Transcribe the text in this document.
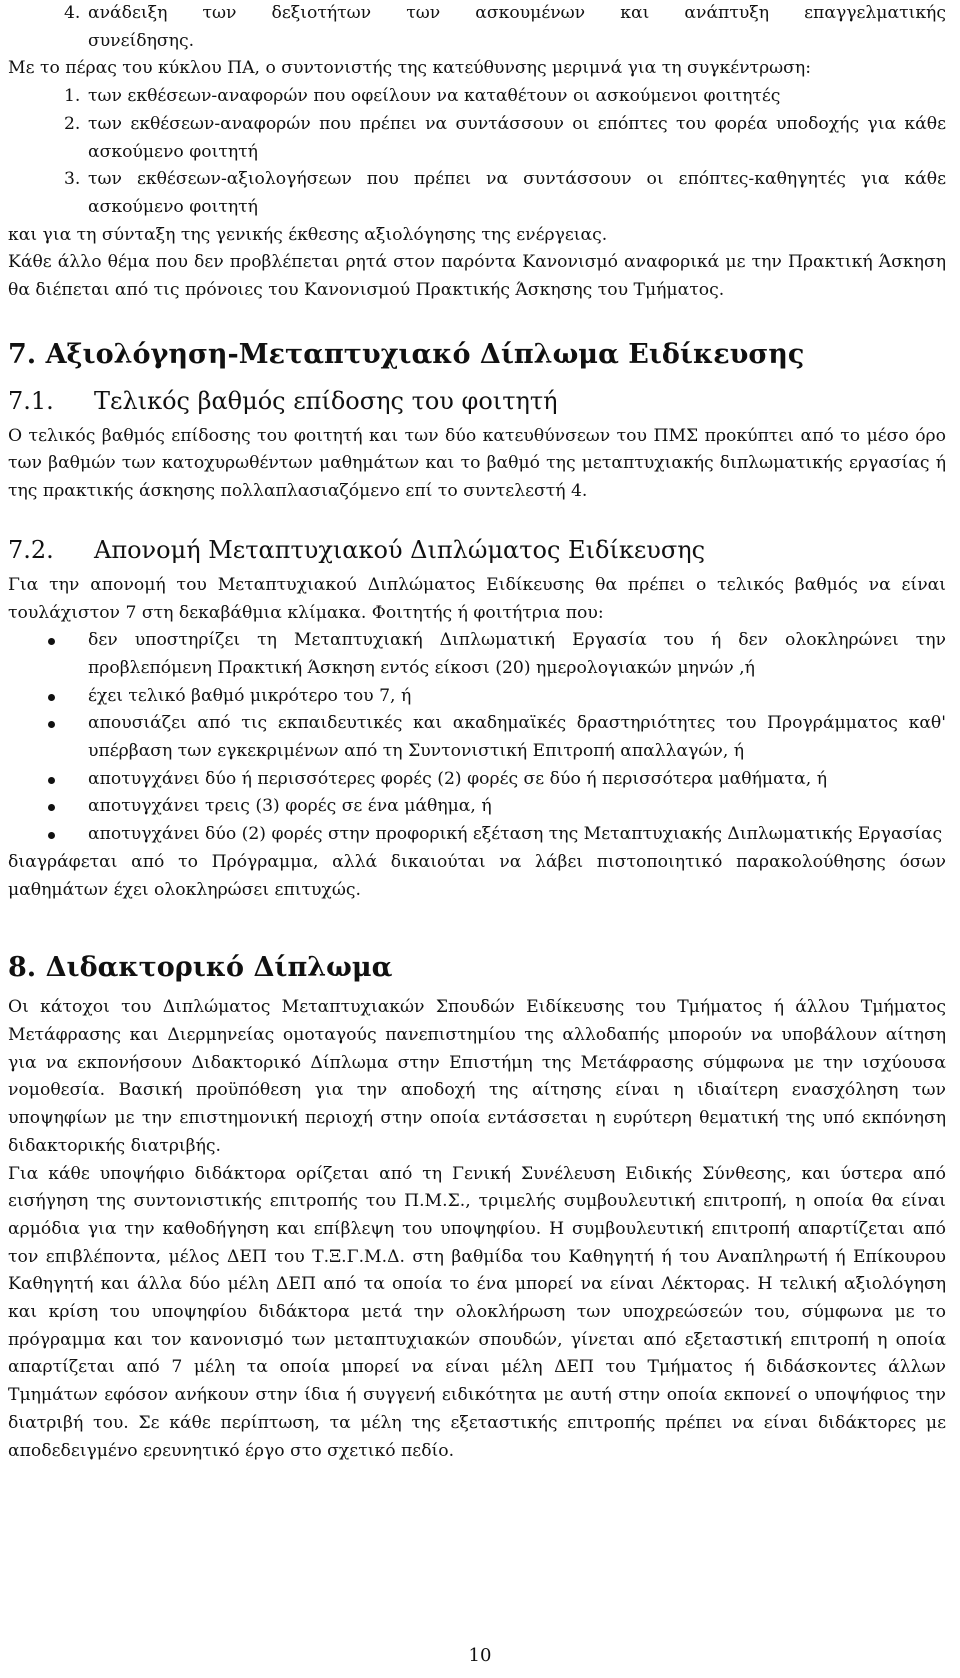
4. ανάδειξη των δεξιοτήτων των ασκουμένων και ανάπτυξη επαγγελματικής
συνείδησης.

Με το πέρας του κύκλου ΠΑ, ο συντονιστής της κατεύθυνσης μεριμνά για τη συγκέντρωση:

1. των εκθέσεων-αναφορών που οφείλουν να καταθέτουν οι ασκούμενοι φοιτητές
2. των εκθέσεων-αναφορών που πρέπει να συντάσσουν οι επόπτες του φορέα υποδοχής για κάθε ασκούμενο φοιτητή
3. των εκθέσεων-αξιολογήσεων που πρέπει να συντάσσουν οι επόπτες-καθηγητές για κάθε ασκούμενο φοιτητή

και για τη σύνταξη της γενικής έκθεσης αξιολόγησης της ενέργειας.

Κάθε άλλο θέμα που δεν προβλέπεται ρητά στον παρόντα Κανονισμό αναφορικά με την Πρακτική Άσκηση θα διέπεται από τις πρόνοιες του Κανονισμού Πρακτικής Άσκησης του Τμήματος.

7. Αξιολόγηση-Μεταπτυχιακό Δίπλωμα Ειδίκευσης
7.1. Τελικός βαθμός επίδοσης του φοιτητή

Ο τελικός βαθμός επίδοσης του φοιτητή και των δύο κατευθύνσεων του ΠΜΣ προκύπτει από το μέσο όρο των βαθμών των κατοχυρωθέντων μαθημάτων και το βαθμό της μεταπτυχιακής διπλωματικής εργασίας ή της πρακτικής άσκησης πολλαπλασιαζόμενο επί το συντελεστή 4.

7.2. Απονομή Μεταπτυχιακού Διπλώματος Ειδίκευσης

Για την απονομή του Μεταπτυχιακού Διπλώματος Ειδίκευσης θα πρέπει ο τελικός βαθμός να είναι τουλάχιστον 7 στη δεκαβάθμια κλίμακα. Φοιτητής ή φοιτήτρια που:

δεν υποστηρίζει τη Μεταπτυχιακή Διπλωματική Εργασία του ή δεν ολοκληρώνει την προβλεπόμενη Πρακτική Άσκηση εντός είκοσι (20) ημερολογιακών μηνών ,ή
έχει τελικό βαθμό μικρότερο του 7, ή
απουσιάζει από τις εκπαιδευτικές και ακαδημαϊκές δραστηριότητες του Προγράμματος καθ' υπέρβαση των εγκεκριμένων από τη Συντονιστική Επιτροπή απαλλαγών, ή
αποτυγχάνει δύο ή περισσότερες φορές (2) φορές σε δύο ή περισσότερα μαθήματα, ή
αποτυγχάνει τρεις (3) φορές σε ένα μάθημα, ή
αποτυγχάνει δύο (2) φορές στην προφορική εξέταση της Μεταπτυχιακής Διπλωματικής Εργασίας

διαγράφεται από το Πρόγραμμα, αλλά δικαιούται να λάβει πιστοποιητικό παρακολούθησης όσων μαθημάτων έχει ολοκληρώσει επιτυχώς.

8. Διδακτορικό Δίπλωμα

Οι κάτοχοι του Διπλώματος Μεταπτυχιακών Σπουδών Ειδίκευσης του Τμήματος ή άλλου Τμήματος Μετάφρασης και Διερμηνείας ομοταγούς πανεπιστημίου της αλλοδαπής μπορούν να υποβάλουν αίτηση για να εκπονήσουν Διδακτορικό Δίπλωμα στην Επιστήμη της Μετάφρασης σύμφωνα με την ισχύουσα νομοθεσία. Βασική προϋπόθεση για την αποδοχή της αίτησης είναι η ιδιαίτερη ενασχόληση των υποψηφίων με την επιστημονική περιοχή στην οποία εντάσσεται η ευρύτερη θεματική της υπό εκπόνηση διδακτορικής διατριβής.

Για κάθε υποψήφιο διδάκτορα ορίζεται από τη Γενική Συνέλευση Ειδικής Σύνθεσης, και ύστερα από εισήγηση της συντονιστικής επιτροπής του Π.Μ.Σ., τριμελής συμβουλευτική επιτροπή, η οποία θα είναι αρμόδια για την καθοδήγηση και επίβλεψη του υποψηφίου. Η συμβουλευτική επιτροπή απαρτίζεται από τον επιβλέποντα, μέλος ΔΕΠ του Τ.Ξ.Γ.Μ.Δ. στη βαθμίδα του Καθηγητή ή του Αναπληρωτή ή Επίκουρου Καθηγητή και άλλα δύο μέλη ΔΕΠ από τα οποία το ένα μπορεί να είναι Λέκτορας. Η τελική αξιολόγηση και κρίση του υποψηφίου διδάκτορα μετά την ολοκλήρωση των υποχρεώσεών του, σύμφωνα με το πρόγραμμα και τον κανονισμό των μεταπτυχιακών σπουδών, γίνεται από εξεταστική επιτροπή η οποία απαρτίζεται από 7 μέλη τα οποία μπορεί να είναι μέλη ΔΕΠ του Τμήματος ή διδάσκοντες άλλων Τμημάτων εφόσον ανήκουν στην ίδια ή συγγενή ειδικότητα με αυτή στην οποία εκπονεί ο υποψήφιος την διατριβή του. Σε κάθε περίπτωση, τα μέλη της εξεταστικής επιτροπής πρέπει να είναι διδάκτορες με αποδεδειγμένο ερευνητικό έργο στο σχετικό πεδίο.

10
